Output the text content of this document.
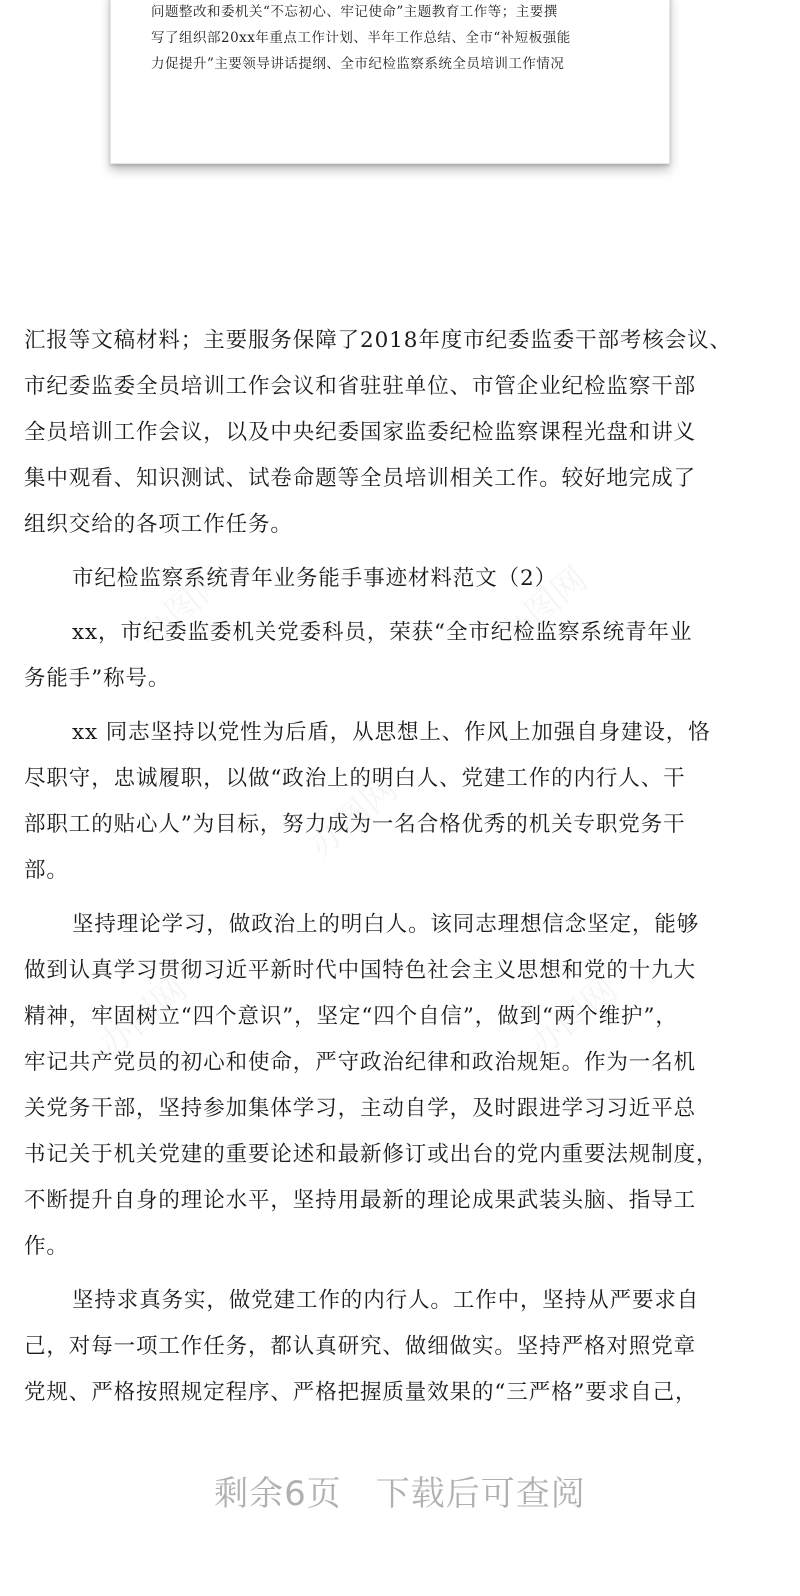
问题整改和委机关“不忘初心、牢记使命”主题教育工作等；主要撰
写了组织部20xx年重点工作计划、半年工作总结、全市“补短板强能
力促提升”主要领导讲话提纲、全市纪检监察系统全员培训工作情况
汇报等文稿材料；主要服务保障了2018年度市纪委监委干部考核会议、
市纪委监委全员培训工作会议和省驻驻单位、市管企业纪检监察干部
全员培训工作会议，以及中央纪委国家监委纪检监察课程光盘和讲义
集中观看、知识测试、试卷命题等全员培训相关工作。较好地完成了
组织交给的各项工作任务。
市纪检监察系统青年业务能手事迹材料范文（2）
xx，市纪委监委机关党委科员，荣获“全市纪检监察系统青年业
务能手”称号。
xx 同志坚持以党性为后盾，从思想上、作风上加强自身建设，恪
尽职守，忠诚履职，以做“政治上的明白人、党建工作的内行人、干
部职工的贴心人”为目标，努力成为一名合格优秀的机关专职党务干
部。
坚持理论学习，做政治上的明白人。该同志理想信念坚定，能够
做到认真学习贯彻习近平新时代中国特色社会主义思想和党的十九大
精神，牢固树立“四个意识”，坚定“四个自信”，做到“两个维护”，
牢记共产党员的初心和使命，严守政治纪律和政治规矩。作为一名机
关党务干部，坚持参加集体学习，主动自学，及时跟进学习习近平总
书记关于机关党建的重要论述和最新修订或出台的党内重要法规制度，
不断提升自身的理论水平，坚持用最新的理论成果武装头脑、指导工
作。
坚持求真务实，做党建工作的内行人。工作中，坚持从严要求自
己，对每一项工作任务，都认真研究、做细做实。坚持严格对照党章
党规、严格按照规定程序、严格把握质量效果的“三严格”要求自己，
剩余6页 下载后可查阅
